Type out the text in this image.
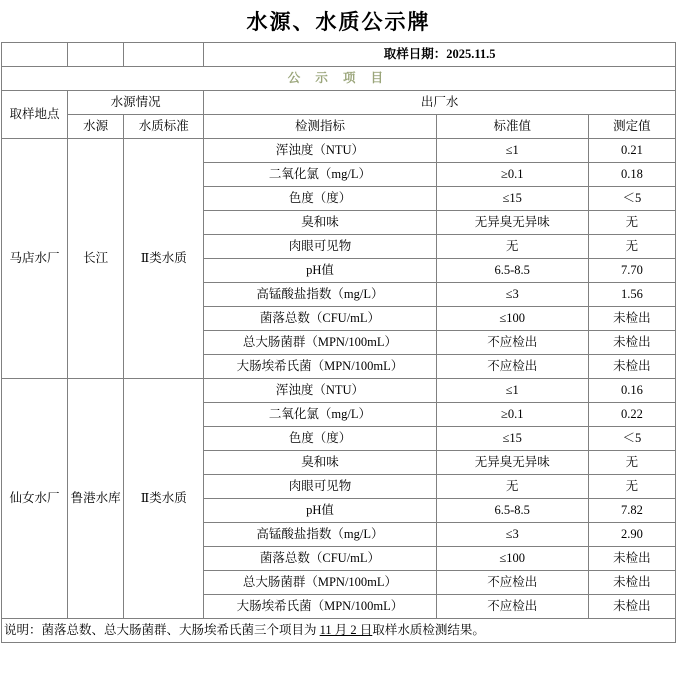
水源、水质公示牌
			取样日期：2025.11.5		
公 示 项 目					
取样地点	水源情况		出厂水		
	水源	水质标准	检测指标	标准值	测定值
马店水厂	长江	Ⅱ类水质	浑浊度（NTU）	≤1	0.21
			二氧化氯（mg/L）	≥0.1	0.18
			色度（度）	≤15	＜5
			臭和味	无异臭无异味	无
			肉眼可见物	无	无
			pH值	6.5-8.5	7.70
			高锰酸盐指数（mg/L）	≤3	1.56
			菌落总数（CFU/mL）	≤100	未检出
			总大肠菌群（MPN/100mL）	不应检出	未检出
			大肠埃希氏菌（MPN/100mL）	不应检出	未检出
仙女水厂	鲁港水库	Ⅱ类水质	浑浊度（NTU）	≤1	0.16
			二氧化氯（mg/L）	≥0.1	0.22
			色度（度）	≤15	＜5
			臭和味	无异臭无异味	无
			肉眼可见物	无	无
			pH值	6.5-8.5	7.82
			高锰酸盐指数（mg/L）	≤3	2.90
			菌落总数（CFU/mL）	≤100	未检出
			总大肠菌群（MPN/100mL）	不应检出	未检出
			大肠埃希氏菌（MPN/100mL）	不应检出	未检出
说明：菌落总数、总大肠菌群、大肠埃希氏菌三个项目为 11 月 2 日取样水质检测结果。					
